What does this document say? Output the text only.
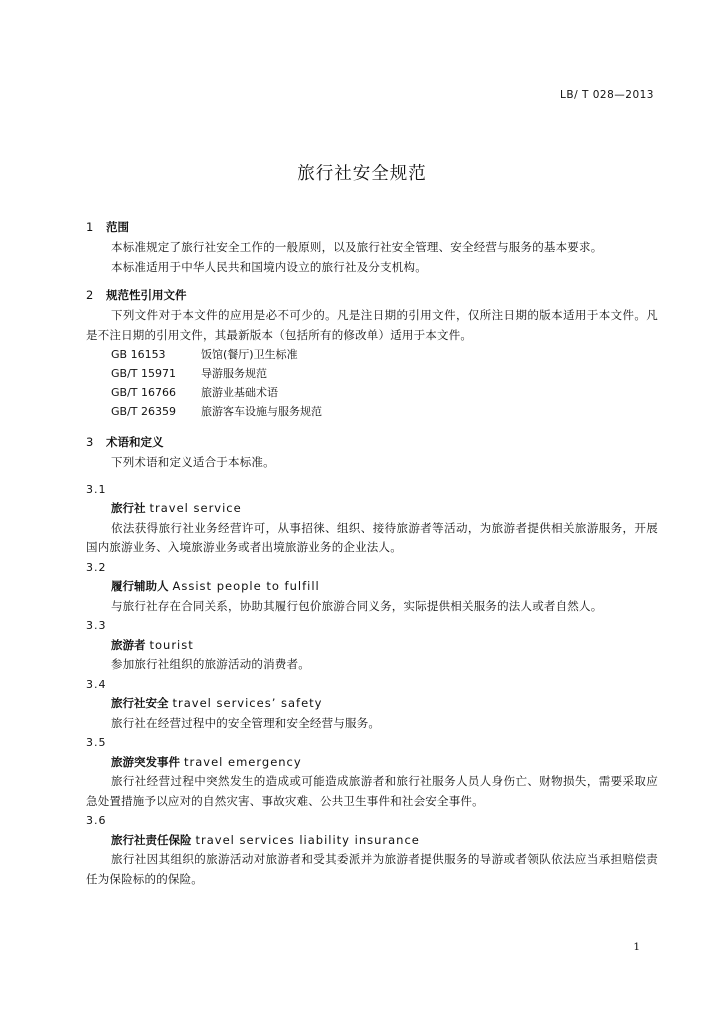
LB/ T 028—2013
旅行社安全规范
1 范围
本标准规定了旅行社安全工作的一般原则，以及旅行社安全管理、安全经营与服务的基本要求。
本标准适用于中华人民共和国境内设立的旅行社及分支机构。
2 规范性引用文件
下列文件对于本文件的应用是必不可少的。凡是注日期的引用文件，仅所注日期的版本适用于本文件。凡是不注日期的引用文件，其最新版本（包括所有的修改单）适用于本文件。
GB 16153	饭馆(餐厅)卫生标准
GB/T 15971 导游服务规范
GB/T 16766 旅游业基础术语
GB/T 26359 旅游客车设施与服务规范
3 术语和定义
下列术语和定义适合于本标准。
3.1
旅行社 travel service
依法获得旅行社业务经营许可，从事招徕、组织、接待旅游者等活动，为旅游者提供相关旅游服务，开展国内旅游业务、入境旅游业务或者出境旅游业务的企业法人。
3.2
履行辅助人 Assist people to fulfill
与旅行社存在合同关系，协助其履行包价旅游合同义务，实际提供相关服务的法人或者自然人。
3.3
旅游者 tourist
参加旅行社组织的旅游活动的消费者。
3.4
旅行社安全 travel services’ safety
旅行社在经营过程中的安全管理和安全经营与服务。
3.5
旅游突发事件 travel emergency
旅行社经营过程中突然发生的造成或可能造成旅游者和旅行社服务人员人身伤亡、财物损失，需要采取应急处置措施予以应对的自然灾害、事故灾难、公共卫生事件和社会安全事件。
3.6
旅行社责任保险 travel services liability insurance
旅行社因其组织的旅游活动对旅游者和受其委派并为旅游者提供服务的导游或者领队依法应当承担赔偿责任为保险标的的保险。
1
